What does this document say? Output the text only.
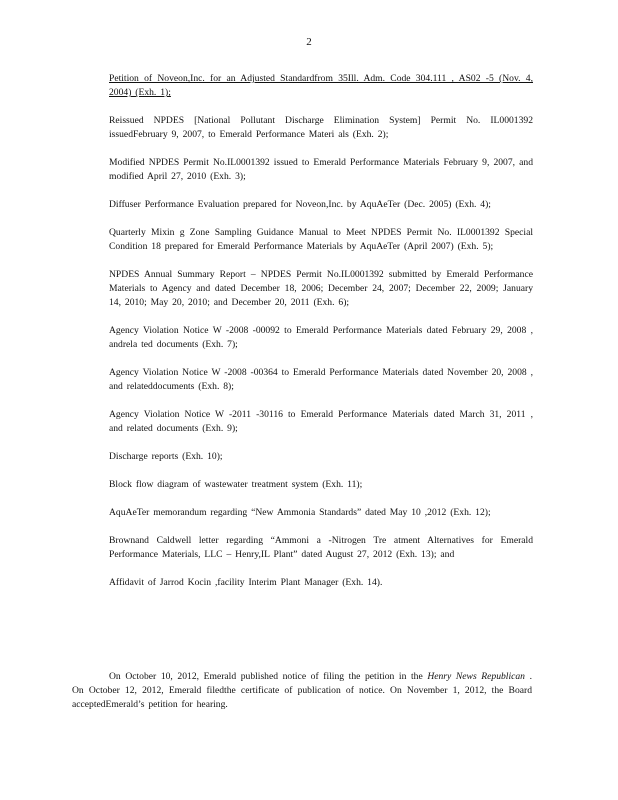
2
Petition of Noveon,Inc. for an Adjusted Standardfrom 35Ill. Adm. Code 304.111 , AS02 -5 (Nov. 4, 2004) (Exh. 1);
Reissued NPDES [National Pollutant Discharge Elimination System] Permit No. IL0001392 issuedFebruary 9, 2007, to Emerald Performance Materi als (Exh. 2);
Modified NPDES Permit No.IL0001392 issued to Emerald Performance Materials February 9, 2007, and modified April 27, 2010 (Exh. 3);
Diffuser Performance Evaluation prepared for Noveon,Inc. by AquAeTer (Dec. 2005) (Exh. 4);
Quarterly Mixin g Zone Sampling Guidance Manual to Meet NPDES Permit No. IL0001392 Special Condition 18 prepared for Emerald Performance Materials by AquAeTer (April 2007) (Exh. 5);
NPDES Annual Summary Report – NPDES Permit No.IL0001392 submitted by Emerald Performance Materials to Agency and dated December 18, 2006; December 24, 2007; December 22, 2009; January 14, 2010; May 20, 2010; and December 20, 2011 (Exh. 6);
Agency Violation Notice W -2008 -00092 to Emerald Performance Materials dated February 29, 2008 , andrela ted documents (Exh. 7);
Agency Violation Notice W -2008 -00364 to Emerald Performance Materials dated November 20, 2008 , and relateddocuments (Exh. 8);
Agency Violation Notice W -2011 -30116 to Emerald Performance Materials dated March 31, 2011 , and related documents (Exh. 9);
Discharge reports (Exh. 10);
Block flow diagram of wastewater treatment system (Exh. 11);
AquAeTer memorandum regarding “New Ammonia Standards” dated May 10 ,2012 (Exh. 12);
Brownand Caldwell letter regarding “Ammoni a -Nitrogen Tre atment Alternatives for Emerald Performance Materials, LLC – Henry,IL Plant” dated August 27, 2012 (Exh. 13); and
Affidavit of Jarrod Kocin ,facility Interim Plant Manager (Exh. 14).

On October 10, 2012, Emerald published notice of filing the petition in the Henry News Republican . On October 12, 2012, Emerald filedthe certificate of publication of notice. On November 1, 2012, the Board acceptedEmerald’s petition for hearing.
